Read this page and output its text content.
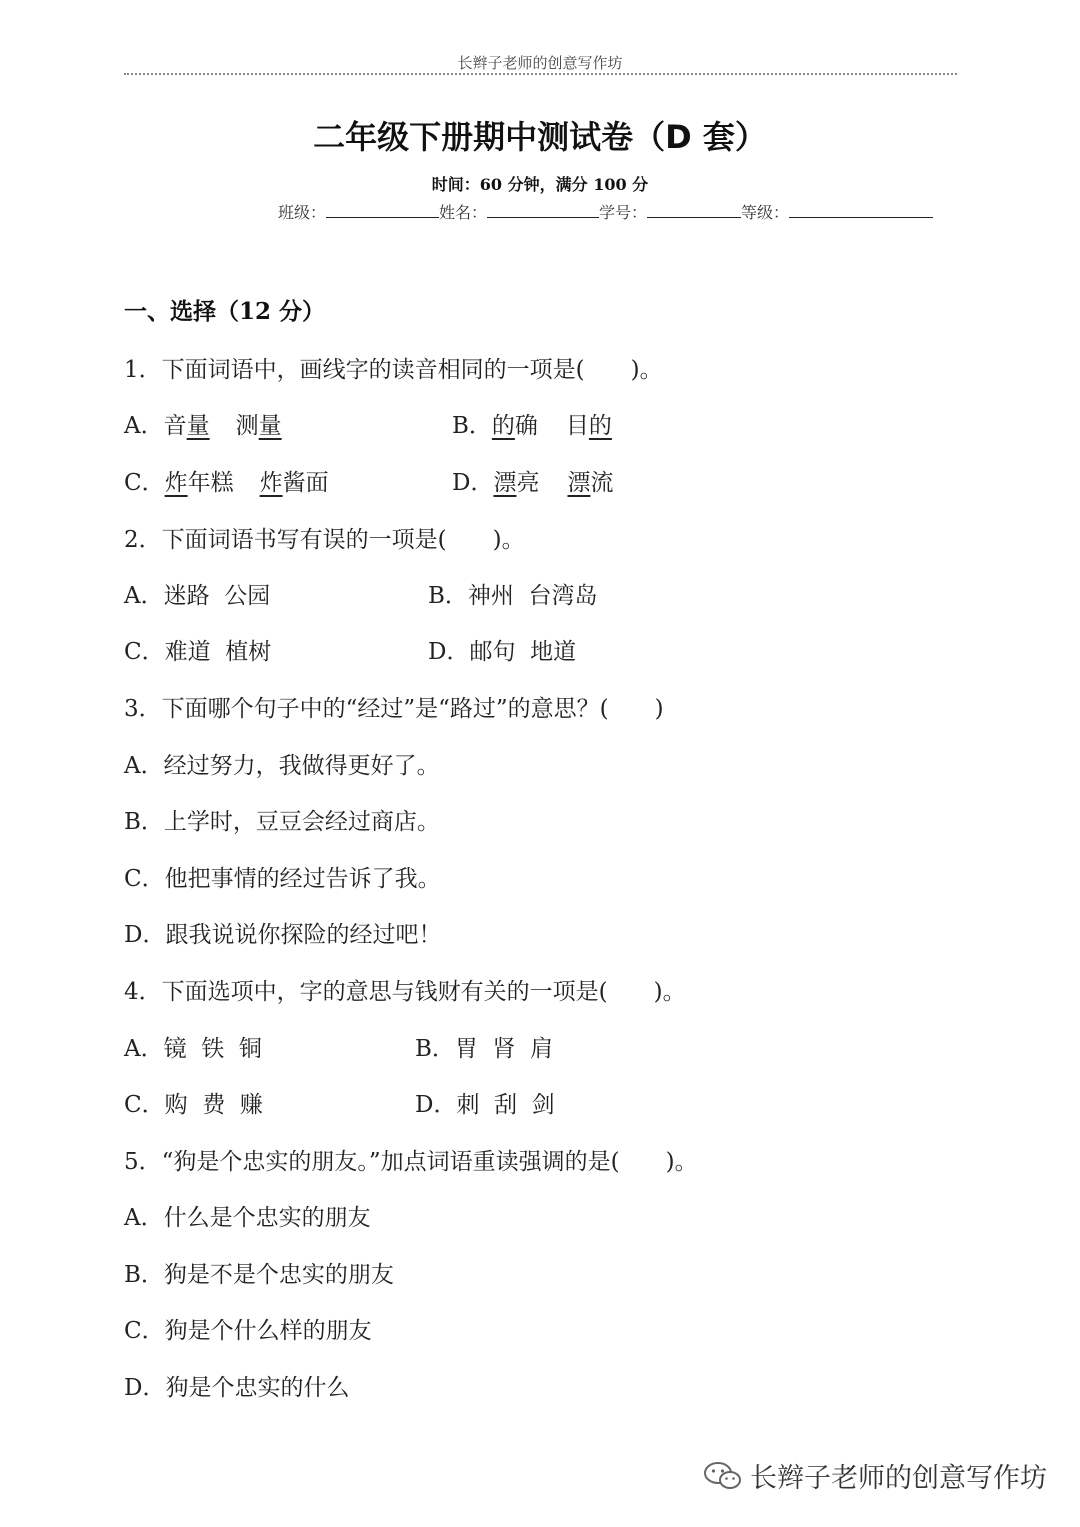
长辫子老师的创意写作坊
二年级下册期中测试卷（D 套）
时间：60 分钟，满分 100 分
班级：	姓名：	学号：	等级：
一、选择（12 分）
1．下面词语中，画线字的读音相同的一项是(　　)。
A．音量 测量	B．的确 目的
C．炸年糕 炸酱面	D．漂亮 漂流
2．下面词语书写有误的一项是(　　)。
A．迷路  公园	B．神州  台湾岛
C．难道  植树	D．邮句  地道
3．下面哪个句子中的“经过”是“路过”的意思？(　　)
A．经过努力，我做得更好了。
B．上学时，豆豆会经过商店。
C．他把事情的经过告诉了我。
D．跟我说说你探险的经过吧！
4．下面选项中，字的意思与钱财有关的一项是(　　)。
A．镜  铁  铜	B．胃  肾  肩
C．购  费  赚	D．刺  刮  剑
5．“狗是个忠实的朋友。”加点词语重读强调的是(　　)。
A．什么是个忠实的朋友
B．狗是不是个忠实的朋友
C．狗是个什么样的朋友
D．狗是个忠实的什么
长辫子老师的创意写作坊
